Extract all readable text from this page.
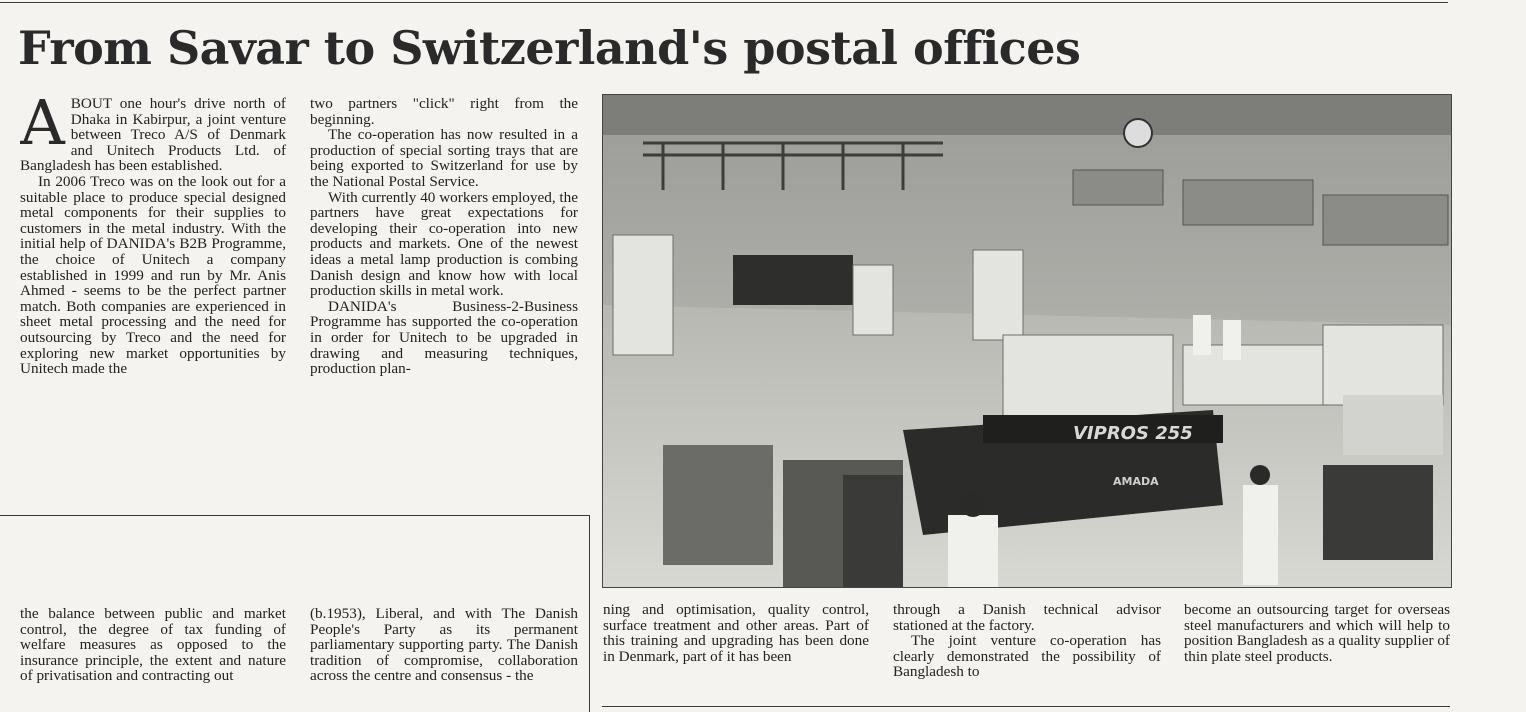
From Savar to Switzerland's postal offices
A BOUT one hour's drive north of Dhaka in Kabirpur, a joint venture between Treco A/S of Denmark and Unitech Products Ltd. of Bangladesh has been established.

In 2006 Treco was on the look out for a suitable place to produce special designed metal components for their supplies to customers in the metal industry. With the initial help of DANIDA's B2B Programme, the choice of Unitech a company established in 1999 and run by Mr. Anis Ahmed - seems to be the perfect partner match. Both companies are experienced in sheet metal processing and the need for outsourcing by Treco and the need for exploring new market opportunities by Unitech made the

two partners "click" right from the beginning.

The co-operation has now resulted in a production of special sorting trays that are being exported to Switzerland for use by the National Postal Service.

With currently 40 workers employed, the partners have great expectations for developing their co-operation into new products and markets. One of the newest ideas a metal lamp production is combing Danish design and know how with local production skills in metal work.

DANIDA's Business-2-Business Programme has supported the co-operation in order for Unitech to be upgraded in drawing and measuring techniques, production plan-

VIPROS 255
AMADA

ning and optimisation, quality control, surface treatment and other areas. Part of this training and upgrading has been done in Denmark, part of it has been

through a Danish technical advisor stationed at the factory.

The joint venture co-operation has clearly demonstrated the possibility of Bangladesh to

become an outsourcing target for overseas steel manufacturers and which will help to position Bangladesh as a quality supplier of thin plate steel products.

the balance between public and market control, the degree of tax funding of welfare measures as opposed to the insurance principle, the extent and nature of privatisation and contracting out

(b.1953), Liberal, and with The Danish People's Party as its permanent parliamentary supporting party. The Danish tradition of compromise, collaboration across the centre and consensus - the
